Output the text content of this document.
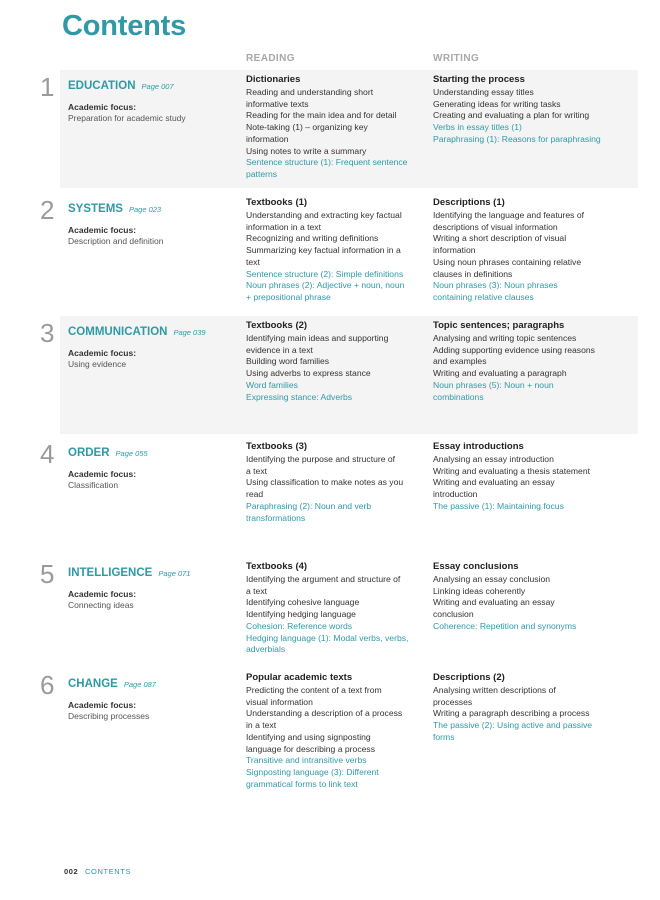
Contents
READING	WRITING
1 EDUCATION Page 007
Academic focus:
Preparation for academic study
Dictionaries
Reading and understanding short
informative texts
Reading for the main idea and for detail
Note-taking (1) – organizing key
information
Using notes to write a summary
Sentence structure (1): Frequent sentence
patterns
Starting the process
Understanding essay titles
Generating ideas for writing tasks
Creating and evaluating a plan for writing
Verbs in essay titles (1)
Paraphrasing (1): Reasons for paraphrasing
2 SYSTEMS Page 023
Academic focus:
Description and definition
Textbooks (1)
Understanding and extracting key factual
information in a text
Recognizing and writing definitions
Summarizing key factual information in a
text
Sentence structure (2): Simple definitions
Noun phrases (2): Adjective + noun, noun
+ prepositional phrase
Descriptions (1)
Identifying the language and features of
descriptions of visual information
Writing a short description of visual
information
Using noun phrases containing relative
clauses in definitions
Noun phrases (3): Noun phrases
containing relative clauses
3 COMMUNICATION Page 039
Academic focus:
Using evidence
Textbooks (2)
Identifying main ideas and supporting
evidence in a text
Building word families
Using adverbs to express stance
Word families
Expressing stance: Adverbs
Topic sentences; paragraphs
Analysing and writing topic sentences
Adding supporting evidence using reasons
and examples
Writing and evaluating a paragraph
Noun phrases (5): Noun + noun
combinations
4 ORDER Page 055
Academic focus:
Classification
Textbooks (3)
Identifying the purpose and structure of
a text
Using classification to make notes as you
read
Paraphrasing (2): Noun and verb
transformations
Essay introductions
Analysing an essay introduction
Writing and evaluating a thesis statement
Writing and evaluating an essay
introduction
The passive (1): Maintaining focus
5 INTELLIGENCE Page 071
Academic focus:
Connecting ideas
Textbooks (4)
Identifying the argument and structure of
a text
Identifying cohesive language
Identifying hedging language
Cohesion: Reference words
Hedging language (1): Modal verbs, verbs,
adverbials
Essay conclusions
Analysing an essay conclusion
Linking ideas coherently
Writing and evaluating an essay
conclusion
Coherence: Repetition and synonyms
6 CHANGE Page 087
Academic focus:
Describing processes
Popular academic texts
Predicting the content of a text from
visual information
Understanding a description of a process
in a text
Identifying and using signposting
language for describing a process
Transitive and intransitive verbs
Signposting language (3): Different
grammatical forms to link text
Descriptions (2)
Analysing written descriptions of
processes
Writing a paragraph describing a process
The passive (2): Using active and passive
forms
002 CONTENTS
